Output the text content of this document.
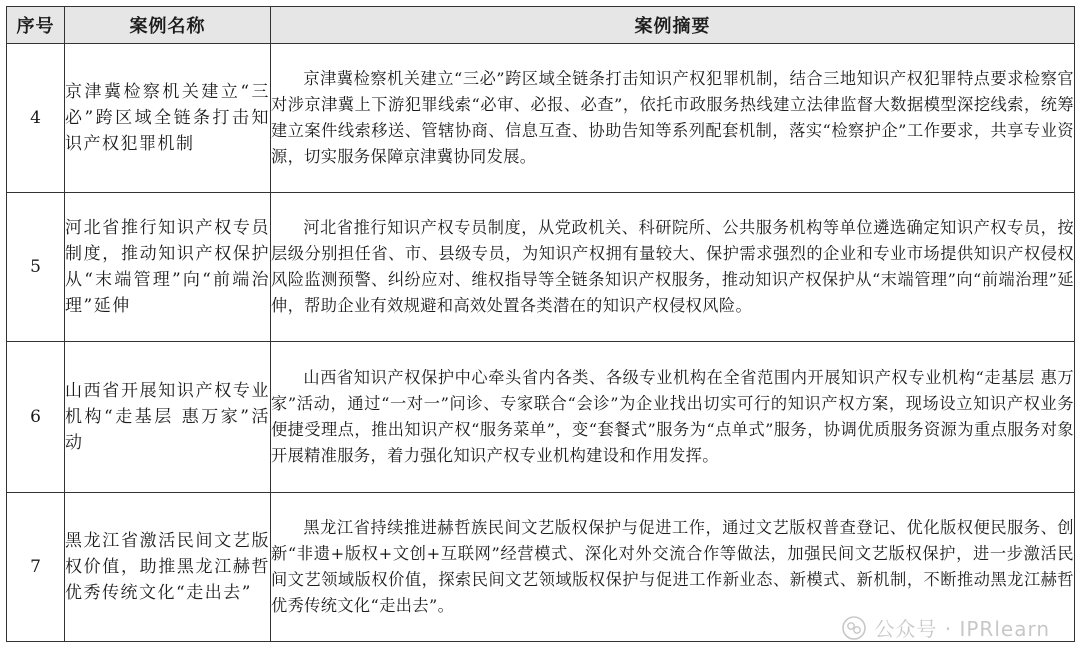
序号	案例名称	案例摘要
4	京津冀检察机关建立“三必”跨区域全链条打击知识产权犯罪机制	京津冀检察机关建立“三必”跨区域全链条打击知识产权犯罪机制，结合三地知识产权犯罪特点要求检察官对涉京津冀上下游犯罪线索“必审、必报、必查”，依托市政服务热线建立法律监督大数据模型深挖线索，统筹建立案件线索移送、管辖协商、信息互查、协助告知等系列配套机制，落实“检察护企”工作要求，共享专业资源，切实服务保障京津冀协同发展。
5	河北省推行知识产权专员制度，推动知识产权保护从“末端管理”向“前端治理”延伸	河北省推行知识产权专员制度，从党政机关、科研院所、公共服务机构等单位遴选确定知识产权专员，按层级分别担任省、市、县级专员，为知识产权拥有量较大、保护需求强烈的企业和专业市场提供知识产权侵权风险监测预警、纠纷应对、维权指导等全链条知识产权服务，推动知识产权保护从“末端管理”向“前端治理”延伸，帮助企业有效规避和高效处置各类潜在的知识产权侵权风险。
6	山西省开展知识产权专业机构“走基层 惠万家”活动	山西省知识产权保护中心牵头省内各类、各级专业机构在全省范围内开展知识产权专业机构“走基层 惠万家”活动，通过“一对一”问诊、专家联合“会诊”为企业找出切实可行的知识产权方案，现场设立知识产权业务便捷受理点，推出知识产权“服务菜单”，变“套餐式”服务为“点单式”服务，协调优质服务资源为重点服务对象开展精准服务，着力强化知识产权专业机构建设和作用发挥。
7	黑龙江省激活民间文艺版权价值，助推黑龙江赫哲优秀传统文化“走出去”	黑龙江省持续推进赫哲族民间文艺版权保护与促进工作，通过文艺版权普查登记、优化版权便民服务、创新“非遗+版权+文创+互联网”经营模式、深化对外交流合作等做法，加强民间文艺版权保护，进一步激活民间文艺领域版权价值，探索民间文艺领域版权保护与促进工作新业态、新模式、新机制，不断推动黑龙江赫哲优秀传统文化“走出去”。
公众号 · IPRlearn
